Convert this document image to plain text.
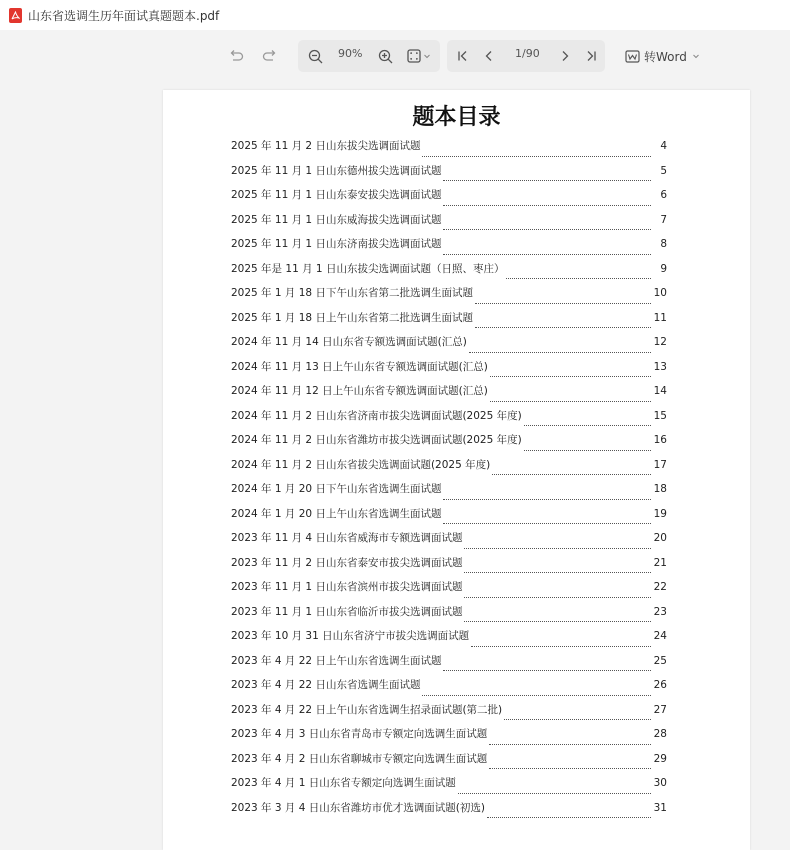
山东省选调生历年面试真题题本.pdf
90%	1/90	转Word
题本目录
2025 年 11 月 2 日山东拔尖选调面试题	4
2025 年 11 月 1 日山东德州拔尖选调面试题	5
2025 年 11 月 1 日山东泰安拔尖选调面试题	6
2025 年 11 月 1 日山东威海拔尖选调面试题	7
2025 年 11 月 1 日山东济南拔尖选调面试题	8
2025 年是 11 月 1 日山东拔尖选调面试题（日照、枣庄）	9
2025 年 1 月 18 日下午山东省第二批选调生面试题	10
2025 年 1 月 18 日上午山东省第二批选调生面试题	11
2024 年 11 月 14 日山东省专额选调面试题(汇总)	12
2024 年 11 月 13 日上午山东省专额选调面试题(汇总)	13
2024 年 11 月 12 日上午山东省专额选调面试题(汇总)	14
2024 年 11 月 2 日山东省济南市拔尖选调面试题(2025 年度)	15
2024 年 11 月 2 日山东省潍坊市拔尖选调面试题(2025 年度)	16
2024 年 11 月 2 日山东省拔尖选调面试题(2025 年度)	17
2024 年 1 月 20 日下午山东省选调生面试题	18
2024 年 1 月 20 日上午山东省选调生面试题	19
2023 年 11 月 4 日山东省威海市专额选调面试题	20
2023 年 11 月 2 日山东省泰安市拔尖选调面试题	21
2023 年 11 月 1 日山东省滨州市拔尖选调面试题	22
2023 年 11 月 1 日山东省临沂市拔尖选调面试题	23
2023 年 10 月 31 日山东省济宁市拔尖选调面试题	24
2023 年 4 月 22 日上午山东省选调生面试题	25
2023 年 4 月 22 日山东省选调生面试题	26
2023 年 4 月 22 日上午山东省选调生招录面试题(第二批)	27
2023 年 4 月 3 日山东省青岛市专额定向选调生面试题	28
2023 年 4 月 2 日山东省聊城市专额定向选调生面试题	29
2023 年 4 月 1 日山东省专额定向选调生面试题	30
2023 年 3 月 4 日山东省潍坊市优才选调面试题(初选)	31
